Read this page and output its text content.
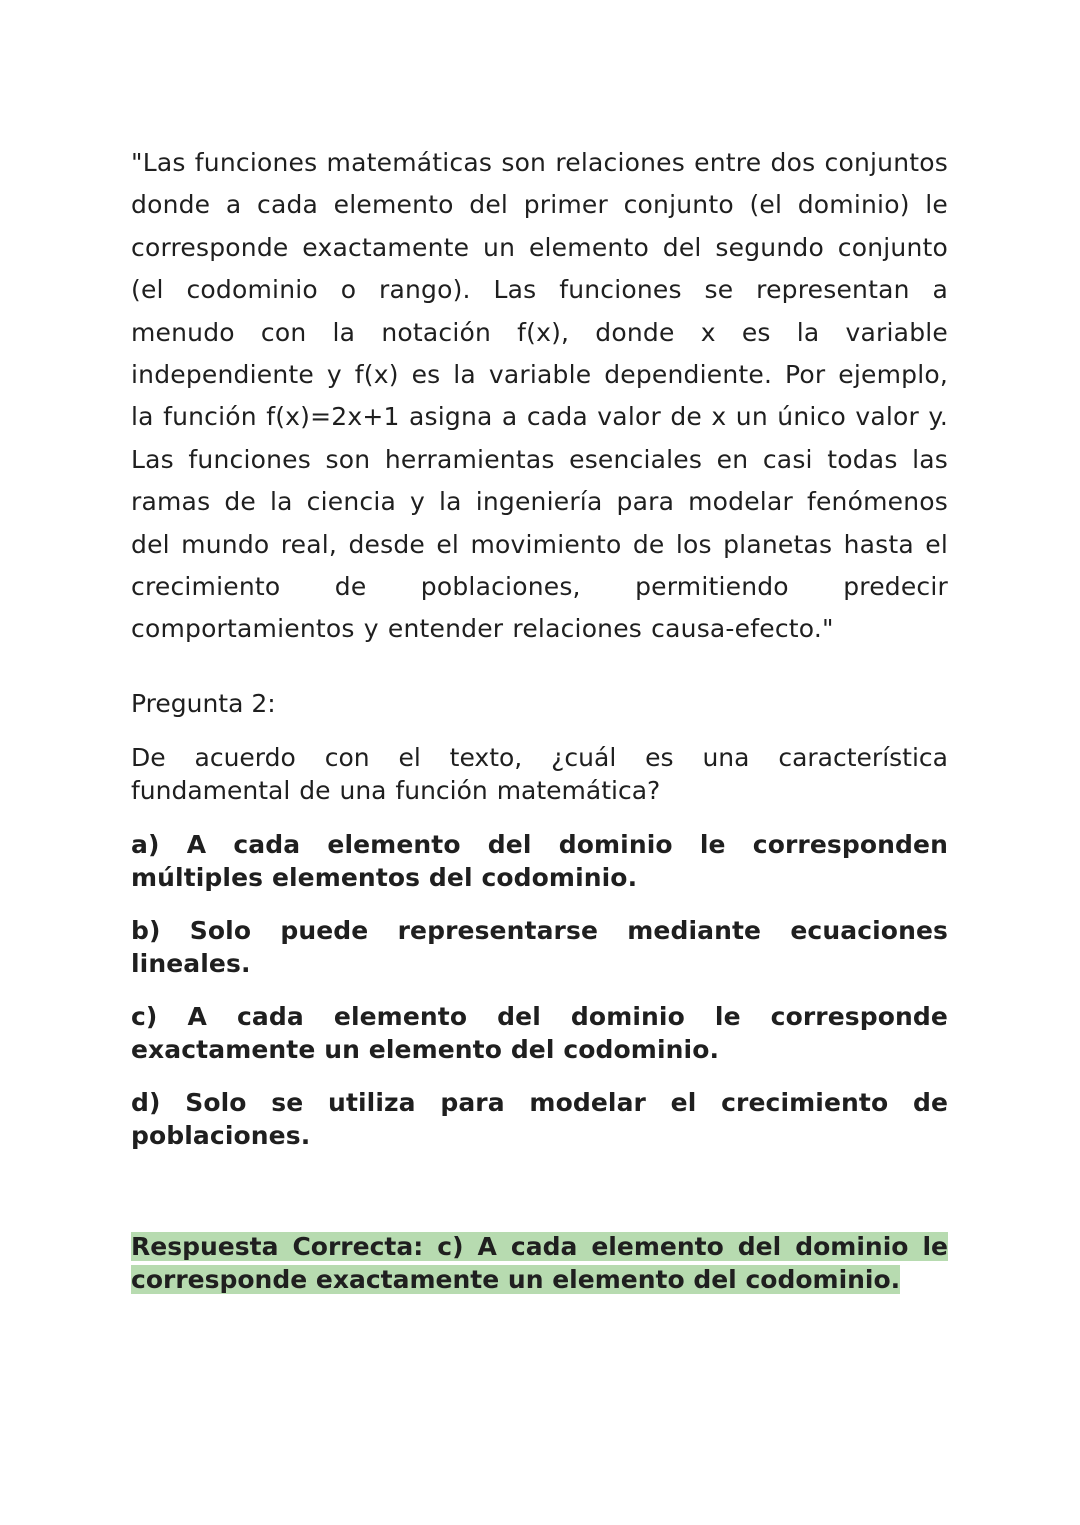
"Las funciones matemáticas son relaciones entre dos conjuntos donde a cada elemento del primer conjunto (el dominio) le corresponde exactamente un elemento del segundo conjunto (el codominio o rango). Las funciones se representan a menudo con la notación f(x), donde x es la variable independiente y f(x) es la variable dependiente. Por ejemplo, la función f(x)=2x+1 asigna a cada valor de x un único valor y. Las funciones son herramientas esenciales en casi todas las ramas de la ciencia y la ingeniería para modelar fenómenos del mundo real, desde el movimiento de los planetas hasta el crecimiento de poblaciones, permitiendo predecir comportamientos y entender relaciones causa-efecto."

Pregunta 2:

De acuerdo con el texto, ¿cuál es una característica fundamental de una función matemática?

a) A cada elemento del dominio le corresponden múltiples elementos del codominio.

b) Solo puede representarse mediante ecuaciones lineales.

c) A cada elemento del dominio le corresponde exactamente un elemento del codominio.

d) Solo se utiliza para modelar el crecimiento de poblaciones.

Respuesta Correcta: c) A cada elemento del dominio le corresponde exactamente un elemento del codominio.
